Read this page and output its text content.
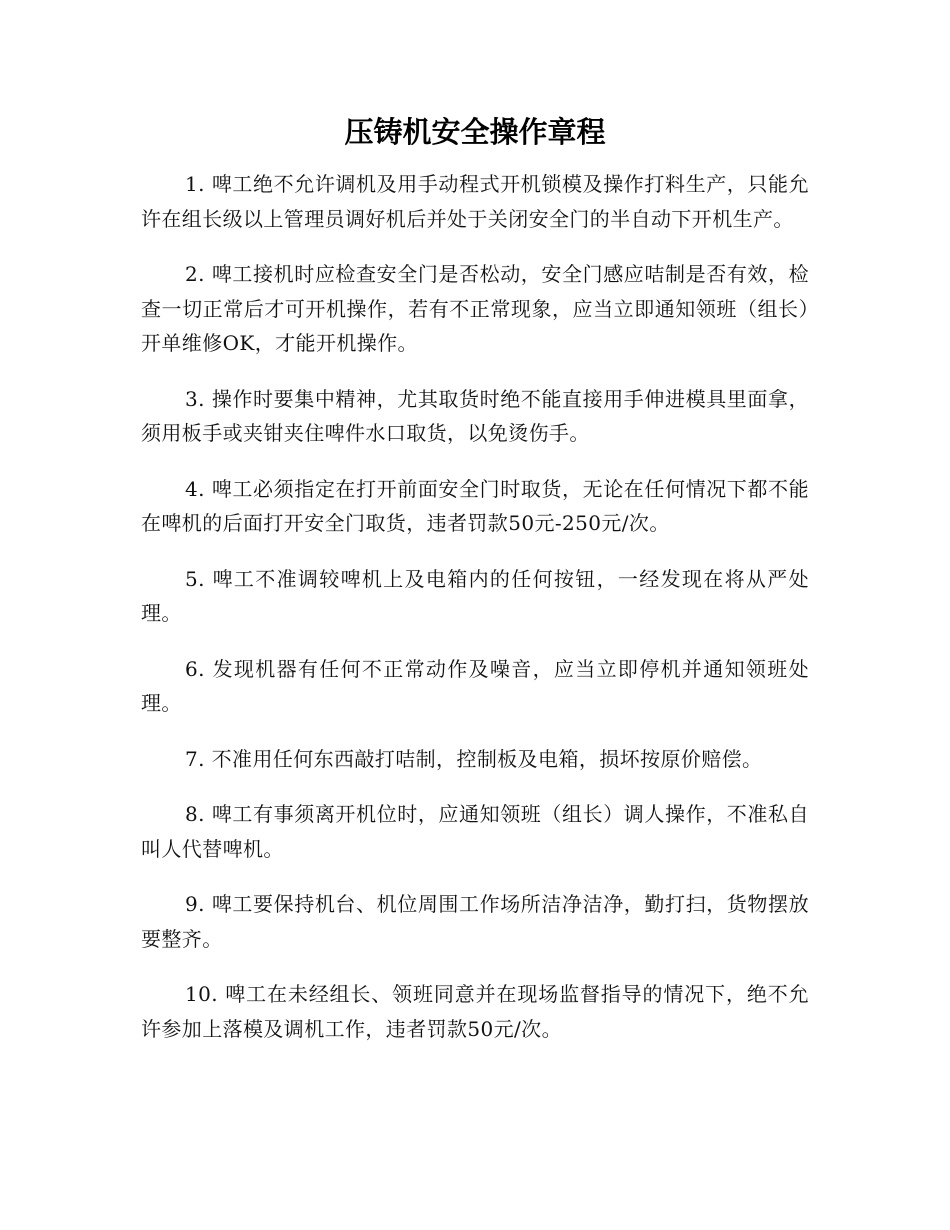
压铸机安全操作章程

1. 啤工绝不允许调机及用手动程式开机锁模及操作打料生产，只能允许在组长级以上管理员调好机后并处于关闭安全门的半自动下开机生产。

2. 啤工接机时应检查安全门是否松动，安全门感应咭制是否有效，检查一切正常后才可开机操作，若有不正常现象，应当立即通知领班（组长）开单维修OK，才能开机操作。

3. 操作时要集中精神，尤其取货时绝不能直接用手伸进模具里面拿，须用板手或夹钳夹住啤件水口取货，以免烫伤手。

4. 啤工必须指定在打开前面安全门时取货，无论在任何情况下都不能在啤机的后面打开安全门取货，违者罚款50元-250元/次。

5. 啤工不准调较啤机上及电箱内的任何按钮，一经发现在将从严处理。

6. 发现机器有任何不正常动作及噪音，应当立即停机并通知领班处理。

7. 不准用任何东西敲打咭制，控制板及电箱，损坏按原价赔偿。

8. 啤工有事须离开机位时，应通知领班（组长）调人操作，不准私自叫人代替啤机。

9. 啤工要保持机台、机位周围工作场所洁净洁净，勤打扫，货物摆放要整齐。

10. 啤工在未经组长、领班同意并在现场监督指导的情况下，绝不允许参加上落模及调机工作，违者罚款50元/次。
